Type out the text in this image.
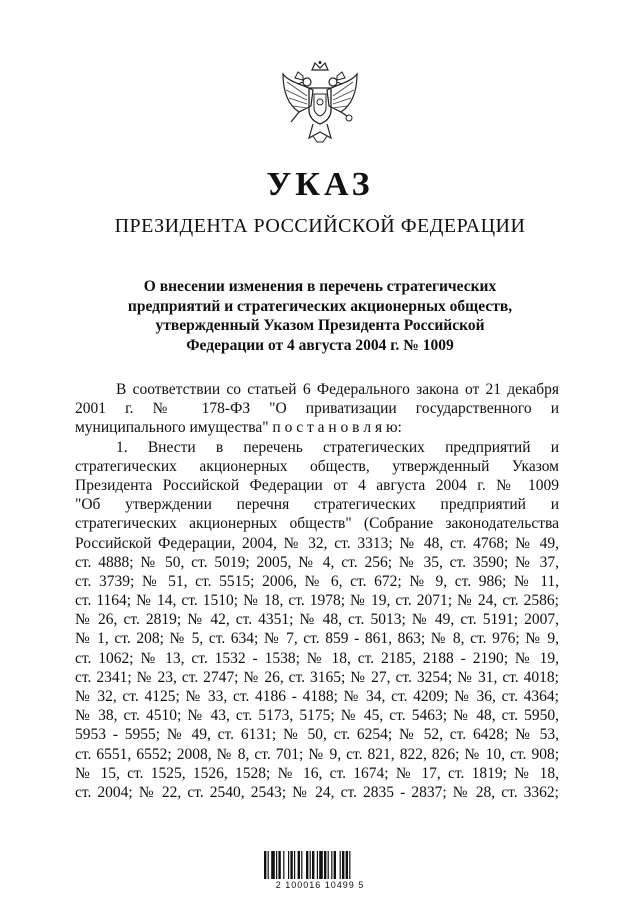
УКАЗ
ПРЕЗИДЕНТА РОССИЙСКОЙ ФЕДЕРАЦИИ
О внесении изменения в перечень стратегических
предприятий и стратегических акционерных обществ,
утвержденный Указом Президента Российской
Федерации от 4 августа 2004 г. № 1009
В соответствии со статьей 6 Федерального закона от 21 декабря
2001 г. № 178-ФЗ "О приватизации государственного и
муниципального имущества" п о с т а н о в л я ю:
1. Внести в перечень стратегических предприятий и
стратегических акционерных обществ, утвержденный Указом
Президента Российской Федерации от 4 августа 2004 г. № 1009
"Об утверждении перечня стратегических предприятий и
стратегических акционерных обществ" (Собрание законодательства
Российской Федерации, 2004, № 32, ст. 3313; № 48, ст. 4768; № 49,
ст. 4888; № 50, ст. 5019; 2005, № 4, ст. 256; № 35, ст. 3590; № 37,
ст. 3739; № 51, ст. 5515; 2006, № 6, ст. 672; № 9, ст. 986; № 11,
ст. 1164; № 14, ст. 1510; № 18, ст. 1978; № 19, ст. 2071; № 24, ст. 2586;
№ 26, ст. 2819; № 42, ст. 4351; № 48, ст. 5013; № 49, ст. 5191; 2007,
№ 1, ст. 208; № 5, ст. 634; № 7, ст. 859 - 861, 863; № 8, ст. 976; № 9,
ст. 1062; № 13, ст. 1532 - 1538; № 18, ст. 2185, 2188 - 2190; № 19,
ст. 2341; № 23, ст. 2747; № 26, ст. 3165; № 27, ст. 3254; № 31, ст. 4018;
№ 32, ст. 4125; № 33, ст. 4186 - 4188; № 34, ст. 4209; № 36, ст. 4364;
№ 38, ст. 4510; № 43, ст. 5173, 5175; № 45, ст. 5463; № 48, ст. 5950,
5953 - 5955; № 49, ст. 6131; № 50, ст. 6254; № 52, ст. 6428; № 53,
ст. 6551, 6552; 2008, № 8, ст. 701; № 9, ст. 821, 822, 826; № 10, ст. 908;
№ 15, ст. 1525, 1526, 1528; № 16, ст. 1674; № 17, ст. 1819; № 18,
ст. 2004; № 22, ст. 2540, 2543; № 24, ст. 2835 - 2837; № 28, ст. 3362;
2 100016 10499 5
